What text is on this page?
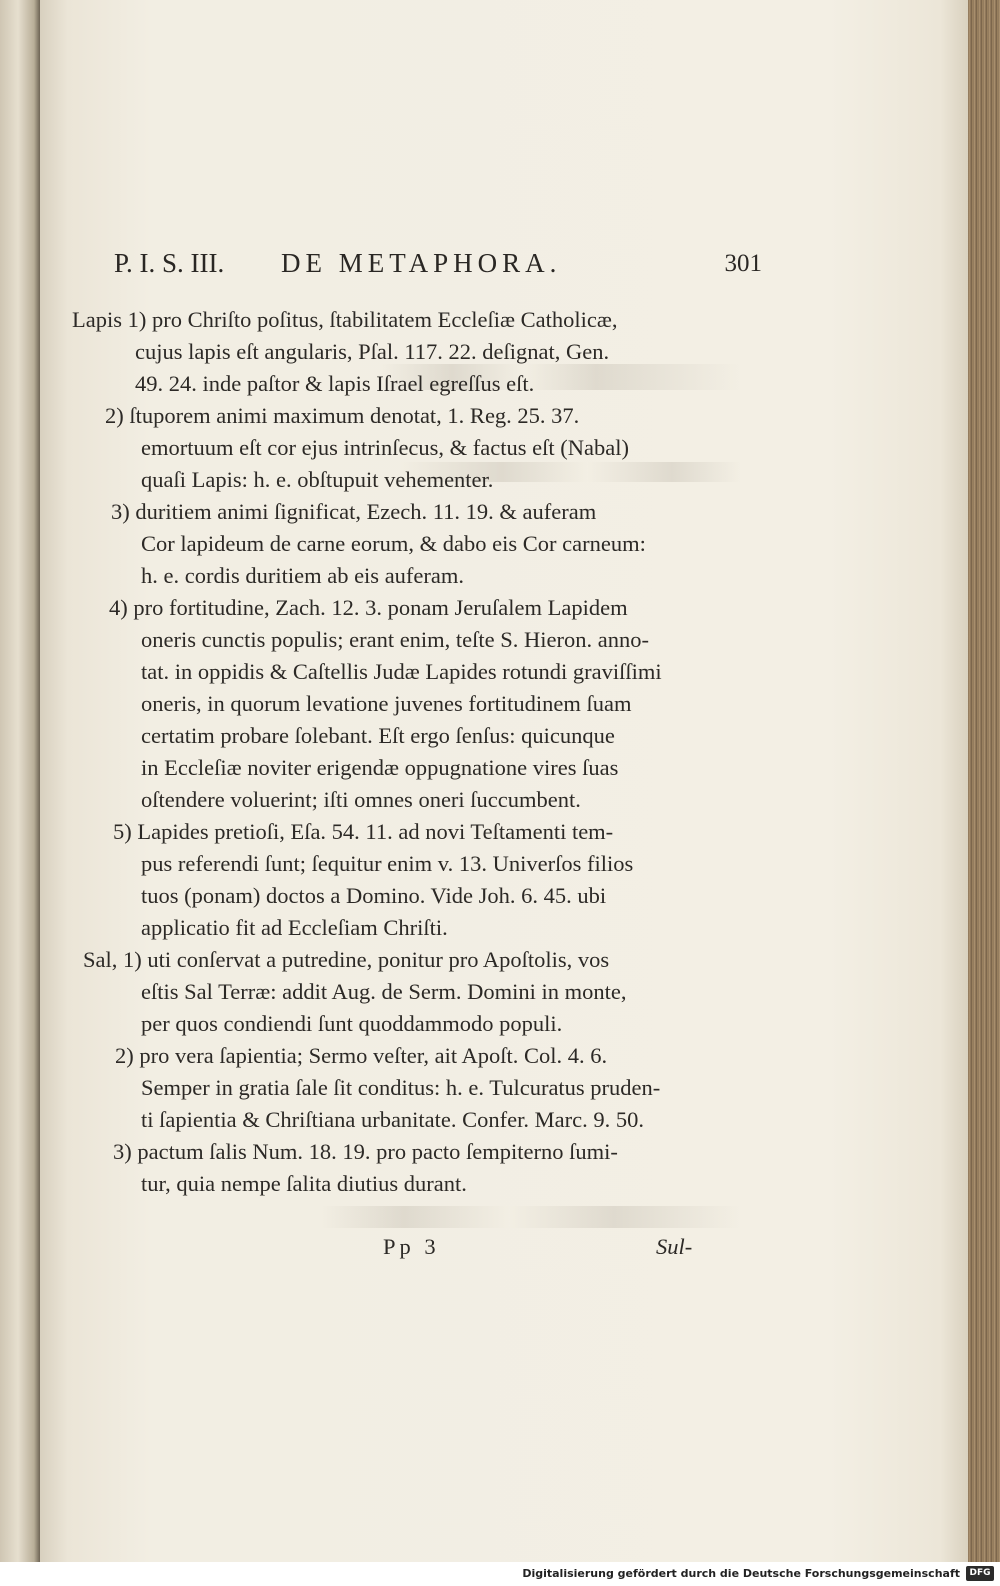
P. I. S. III. DE METAPHORA.	301
Lapis 1) pro Chriſto poſitus, ſtabilitatem Eccleſiæ Catholicæ,
cujus lapis eſt angularis, Pſal. 117. 22. deſignat, Gen.
49. 24. inde paſtor & lapis Iſrael egreſſus eſt.
2) ſtuporem animi maximum denotat, 1. Reg. 25. 37.
emortuum eſt cor ejus intrinſecus, & factus eſt (Nabal)
quaſi Lapis: h. e. obſtupuit vehementer.
3) duritiem animi ſignificat, Ezech. 11. 19. & auferam
Cor lapideum de carne eorum, & dabo eis Cor carneum:
h. e. cordis duritiem ab eis auferam.
4) pro fortitudine, Zach. 12. 3. ponam Jeruſalem Lapidem
oneris cunctis populis; erant enim, teſte S. Hieron. anno-
tat. in oppidis & Caſtellis Judæ Lapides rotundi graviſſimi
oneris, in quorum levatione juvenes fortitudinem ſuam
certatim probare ſolebant. Eſt ergo ſenſus: quicunque
in Eccleſiæ noviter erigendæ oppugnatione vires ſuas
oſtendere voluerint; iſti omnes oneri ſuccumbent.
5) Lapides pretioſi, Eſa. 54. 11. ad novi Teſtamenti tem-
pus referendi ſunt; ſequitur enim v. 13. Univerſos filios
tuos (ponam) doctos a Domino. Vide Joh. 6. 45. ubi
applicatio fit ad Eccleſiam Chriſti.
Sal, 1) uti conſervat a putredine, ponitur pro Apoſtolis, vos
eſtis Sal Terræ: addit Aug. de Serm. Domini in monte,
per quos condiendi ſunt quoddammodo populi.
2) pro vera ſapientia; Sermo veſter, ait Apoſt. Col. 4. 6.
Semper in gratia ſale ſit conditus: h. e. Tulcuratus pruden-
ti ſapientia & Chriſtiana urbanitate. Confer. Marc. 9. 50.
3) pactum ſalis Num. 18. 19. pro pacto ſempiterno ſumi-
tur, quia nempe ſalita diutius durant.
Pp 3	Sul-
Digitalisierung gefördert durch die Deutsche Forschungsgemeinschaft	DFG
